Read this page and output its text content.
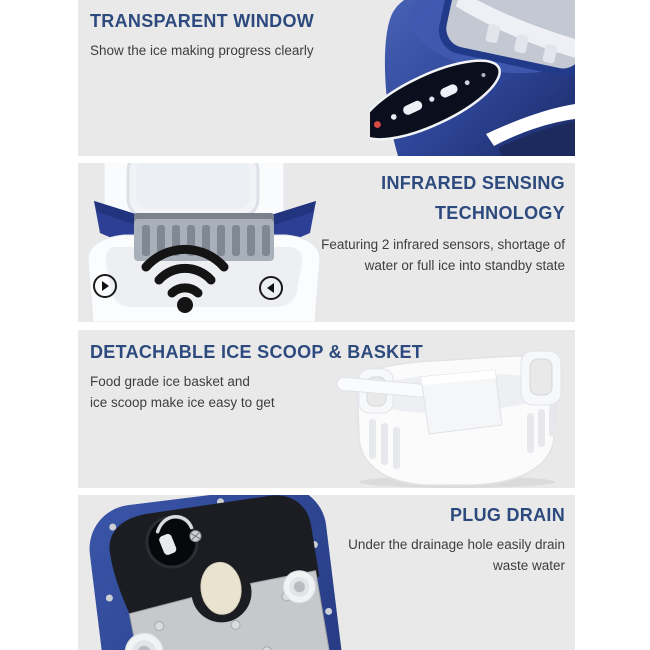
TRANSPARENT WINDOW

Show the ice making progress clearly

INFRARED SENSING
TECHNOLOGY

Featuring 2 infrared sensors, shortage of
water or full ice into standby state

DETACHABLE ICE SCOOP & BASKET

Food grade ice basket and
ice scoop make ice easy to get

PLUG DRAIN

Under the drainage hole easily drain
waste water
